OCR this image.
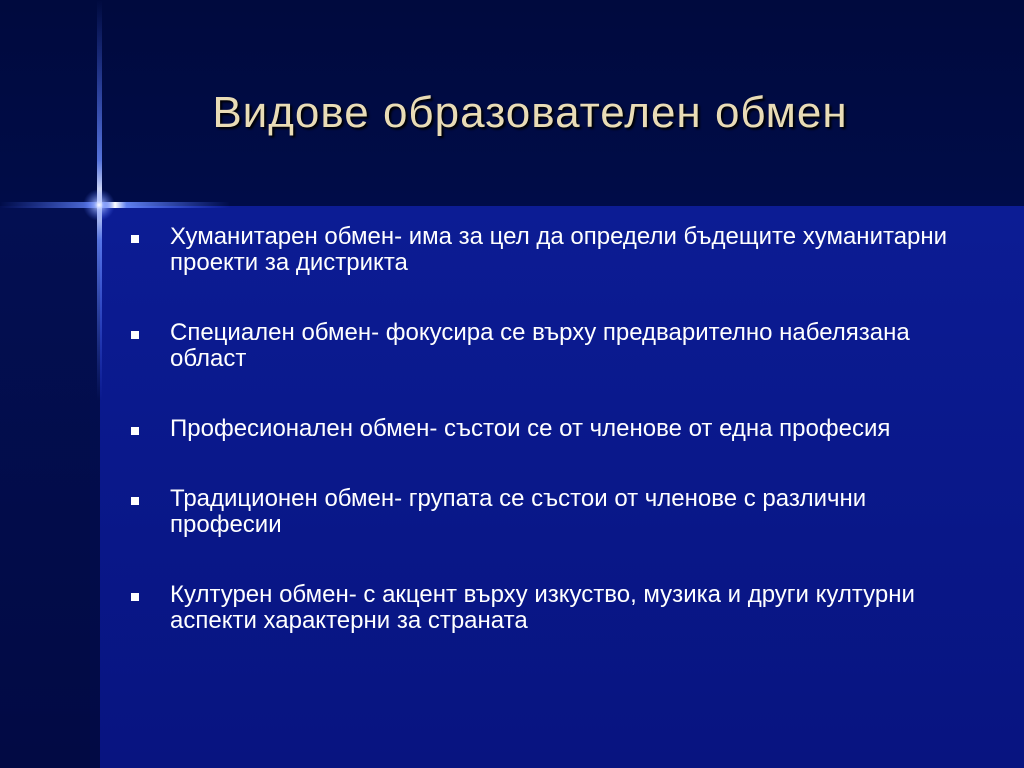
Видове образователен обмен
Хуманитарен обмен- има за цел да определи бъдещите хуманитарни проекти за дистрикта
Специален обмен- фокусира се върху предварително набелязана област
Професионален обмен- състои се от членове от една професия
Традиционен обмен- групата се състои от членове с различни професии
Културен обмен- с акцент върху изкуство, музика и други културни аспекти характерни за страната
